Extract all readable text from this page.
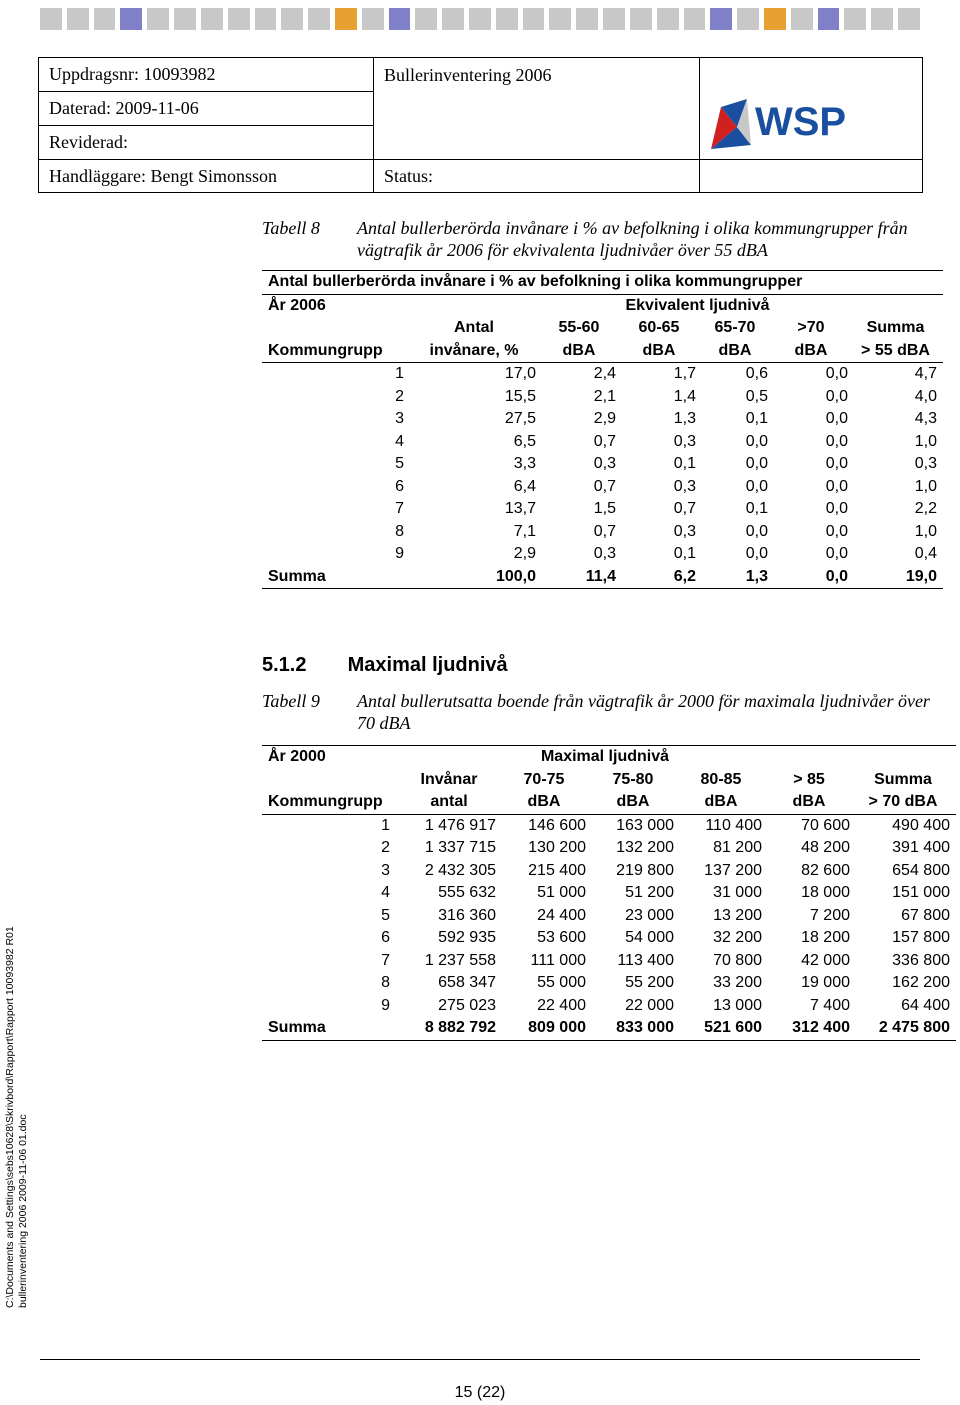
Uppdragsnr: 10093982	Bullerinventering 2006
Daterad: 2009-11-06
Reviderad:
Handläggare: Bengt Simonsson	Status:
WSP
Tabell 8 Antal bullerberörda invånare i % av befolkning i olika kommungrupper från vägtrafik år 2006 för ekvivalenta ljudnivåer över 55 dBA
Antal bullerberörda invånare i % av befolkning i olika kommungrupper						
År 2006		Ekvivalent ljudnivå				
	Antal	55-60	60-65	65-70	>70	Summa
Kommungrupp	invånare, %	dBA	dBA	dBA	dBA	> 55 dBA
1	17,0	2,4	1,7	0,6	0,0	4,7
2	15,5	2,1	1,4	0,5	0,0	4,0
3	27,5	2,9	1,3	0,1	0,0	4,3
4	6,5	0,7	0,3	0,0	0,0	1,0
5	3,3	0,3	0,1	0,0	0,0	0,3
6	6,4	0,7	0,3	0,0	0,0	1,0
7	13,7	1,5	0,7	0,1	0,0	2,2
8	7,1	0,7	0,3	0,0	0,0	1,0
9	2,9	0,3	0,1	0,0	0,0	0,4
Summa	100,0	11,4	6,2	1,3	0,0	19,0
5.1.2 Maximal ljudnivå
Tabell 9 Antal bullerutsatta boende från vägtrafik år 2000 för maximala ljudnivåer över 70 dBA
År 2000		Maximal ljudnivå				
	Invånar	70-75	75-80	80-85	> 85	Summa
Kommungrupp	antal	dBA	dBA	dBA	dBA	> 70 dBA
1	1 476 917	146 600	163 000	110 400	70 600	490 400
2	1 337 715	130 200	132 200	81 200	48 200	391 400
3	2 432 305	215 400	219 800	137 200	82 600	654 800
4	555 632	51 000	51 200	31 000	18 000	151 000
5	316 360	24 400	23 000	13 200	7 200	67 800
6	592 935	53 600	54 000	32 200	18 200	157 800
7	1 237 558	111 000	113 400	70 800	42 000	336 800
8	658 347	55 000	55 200	33 200	19 000	162 200
9	275 023	22 400	22 000	13 000	7 400	64 400
Summa	8 882 792	809 000	833 000	521 600	312 400	2 475 800
C:\Documents and Settings\sebs10628\Skrivbord\Rapport\Rapport 10093982 R01 bullerinventering 2006 2009-11-06 01.doc
15 (22)
